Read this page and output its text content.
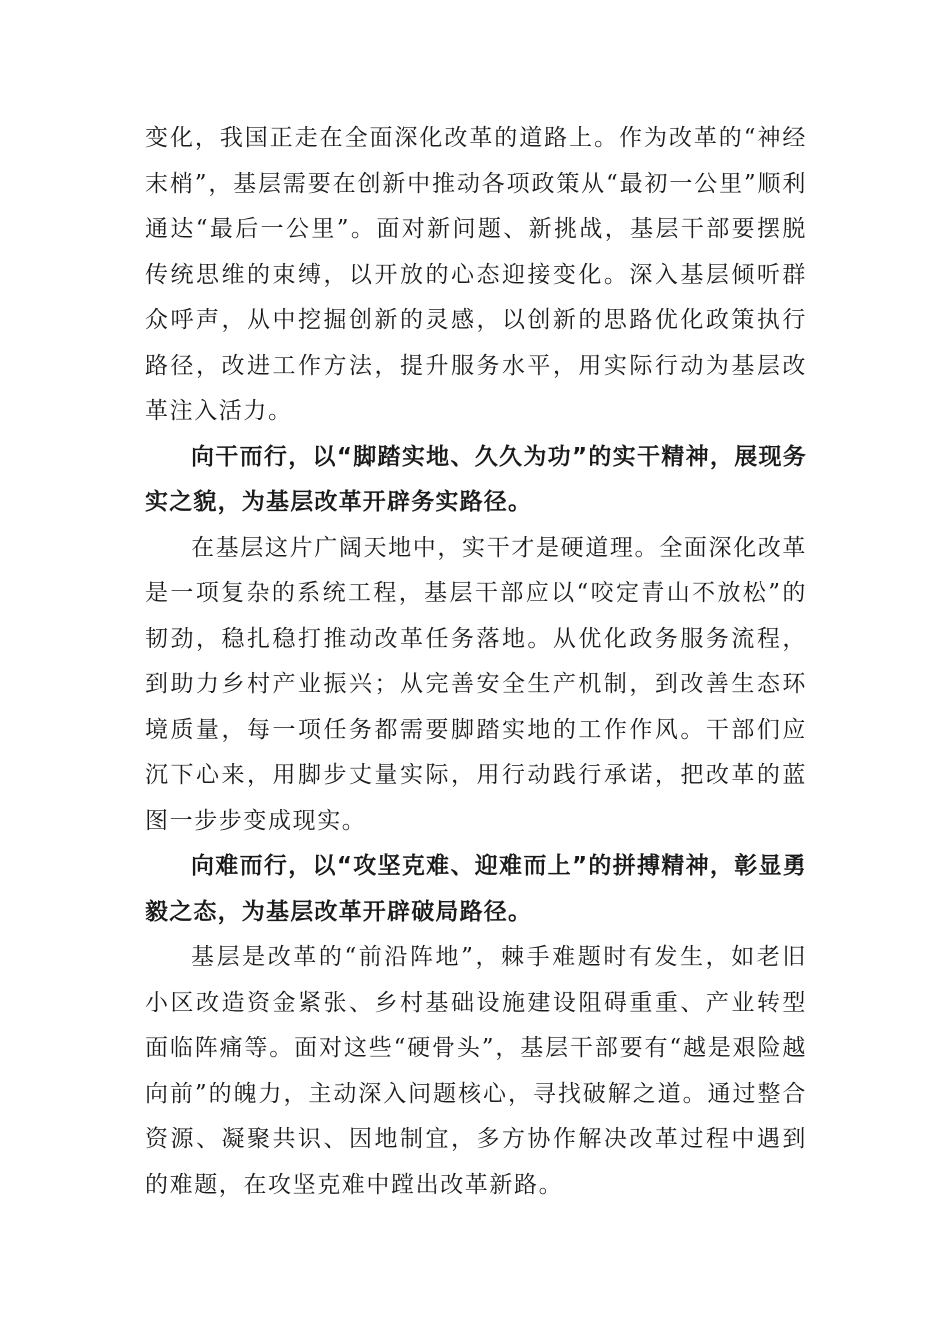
变化，我国正走在全面深化改革的道路上。作为改革的“神经末梢”，基层需要在创新中推动各项政策从“最初一公里”顺利通达“最后一公里”。面对新问题、新挑战，基层干部要摆脱传统思维的束缚，以开放的心态迎接变化。深入基层倾听群众呼声，从中挖掘创新的灵感，以创新的思路优化政策执行路径，改进工作方法，提升服务水平，用实际行动为基层改革注入活力。

向干而行，以“脚踏实地、久久为功”的实干精神，展现务实之貌，为基层改革开辟务实路径。

在基层这片广阔天地中，实干才是硬道理。全面深化改革是一项复杂的系统工程，基层干部应以“咬定青山不放松”的韧劲，稳扎稳打推动改革任务落地。从优化政务服务流程，到助力乡村产业振兴；从完善安全生产机制，到改善生态环境质量，每一项任务都需要脚踏实地的工作作风。干部们应沉下心来，用脚步丈量实际，用行动践行承诺，把改革的蓝图一步步变成现实。

向难而行，以“攻坚克难、迎难而上”的拼搏精神，彰显勇毅之态，为基层改革开辟破局路径。

基层是改革的“前沿阵地”，棘手难题时有发生，如老旧小区改造资金紧张、乡村基础设施建设阻碍重重、产业转型面临阵痛等。面对这些“硬骨头”，基层干部要有“越是艰险越向前”的魄力，主动深入问题核心，寻找破解之道。通过整合资源、凝聚共识、因地制宜，多方协作解决改革过程中遇到的难题，在攻坚克难中蹚出改革新路。
